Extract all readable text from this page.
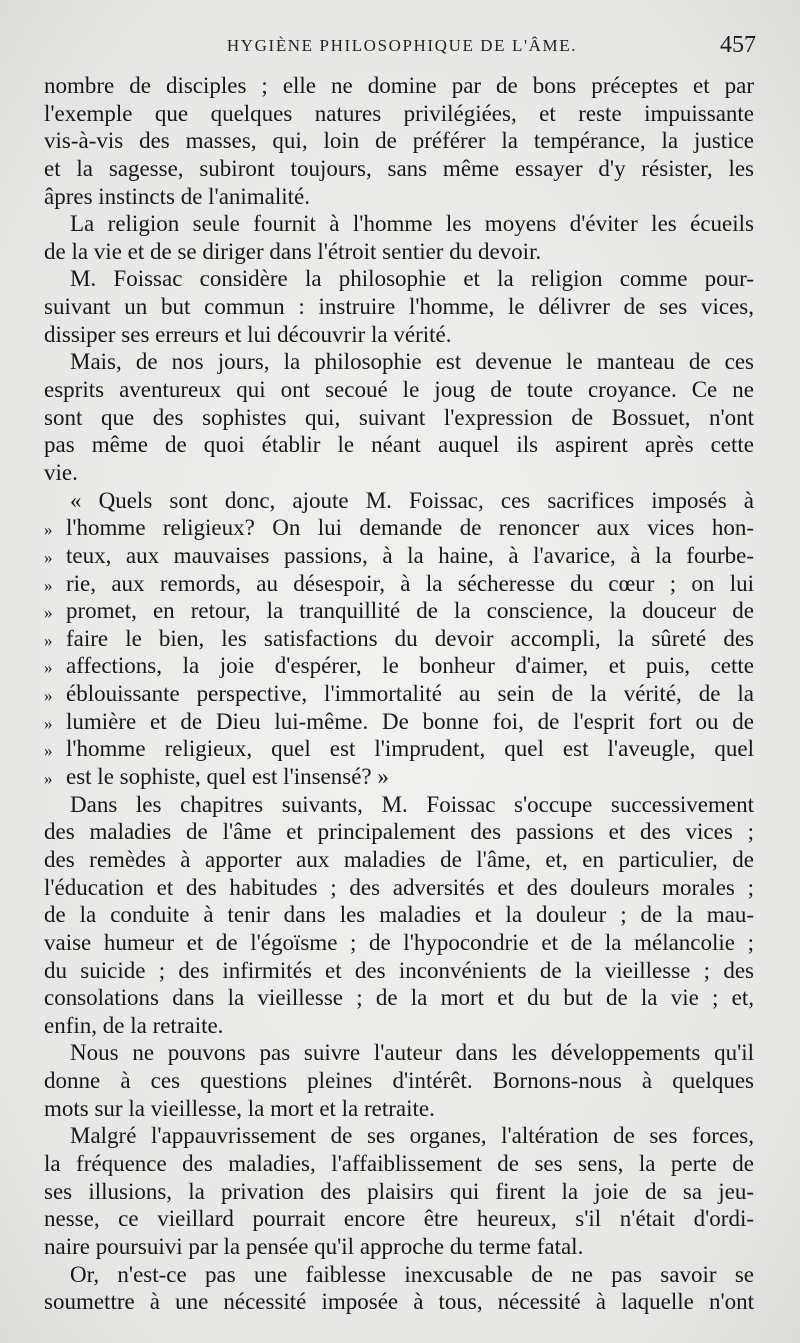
HYGIÈNE PHILOSOPHIQUE DE L'ÂME.	457
nombre de disciples ; elle ne domine par de bons préceptes et par
l'exemple que quelques natures privilégiées, et reste impuissante
vis-à-vis des masses, qui, loin de préférer la tempérance, la justice
et la sagesse, subiront toujours, sans même essayer d'y résister, les
âpres instincts de l'animalité.
La religion seule fournit à l'homme les moyens d'éviter les écueils
de la vie et de se diriger dans l'étroit sentier du devoir.
M. Foissac considère la philosophie et la religion comme pour-
suivant un but commun : instruire l'homme, le délivrer de ses vices,
dissiper ses erreurs et lui découvrir la vérité.
Mais, de nos jours, la philosophie est devenue le manteau de ces
esprits aventureux qui ont secoué le joug de toute croyance. Ce ne
sont que des sophistes qui, suivant l'expression de Bossuet, n'ont
pas même de quoi établir le néant auquel ils aspirent après cette
vie.
« Quels sont donc, ajoute M. Foissac, ces sacrifices imposés à
» l'homme religieux? On lui demande de renoncer aux vices hon-
» teux, aux mauvaises passions, à la haine, à l'avarice, à la fourbe-
» rie, aux remords, au désespoir, à la sécheresse du cœur ; on lui
» promet, en retour, la tranquillité de la conscience, la douceur de
» faire le bien, les satisfactions du devoir accompli, la sûreté des
» affections, la joie d'espérer, le bonheur d'aimer, et puis, cette
» éblouissante perspective, l'immortalité au sein de la vérité, de la
» lumière et de Dieu lui-même. De bonne foi, de l'esprit fort ou de
» l'homme religieux, quel est l'imprudent, quel est l'aveugle, quel
» est le sophiste, quel est l'insensé? »
Dans les chapitres suivants, M. Foissac s'occupe successivement
des maladies de l'âme et principalement des passions et des vices ;
des remèdes à apporter aux maladies de l'âme, et, en particulier, de
l'éducation et des habitudes ; des adversités et des douleurs morales ;
de la conduite à tenir dans les maladies et la douleur ; de la mau-
vaise humeur et de l'égoïsme ; de l'hypocondrie et de la mélancolie ;
du suicide ; des infirmités et des inconvénients de la vieillesse ; des
consolations dans la vieillesse ; de la mort et du but de la vie ; et,
enfin, de la retraite.
Nous ne pouvons pas suivre l'auteur dans les développements qu'il
donne à ces questions pleines d'intérêt. Bornons-nous à quelques
mots sur la vieillesse, la mort et la retraite.
Malgré l'appauvrissement de ses organes, l'altération de ses forces,
la fréquence des maladies, l'affaiblissement de ses sens, la perte de
ses illusions, la privation des plaisirs qui firent la joie de sa jeu-
nesse, ce vieillard pourrait encore être heureux, s'il n'était d'ordi-
naire poursuivi par la pensée qu'il approche du terme fatal.
Or, n'est-ce pas une faiblesse inexcusable de ne pas savoir se
soumettre à une nécessité imposée à tous, nécessité à laquelle n'ont
